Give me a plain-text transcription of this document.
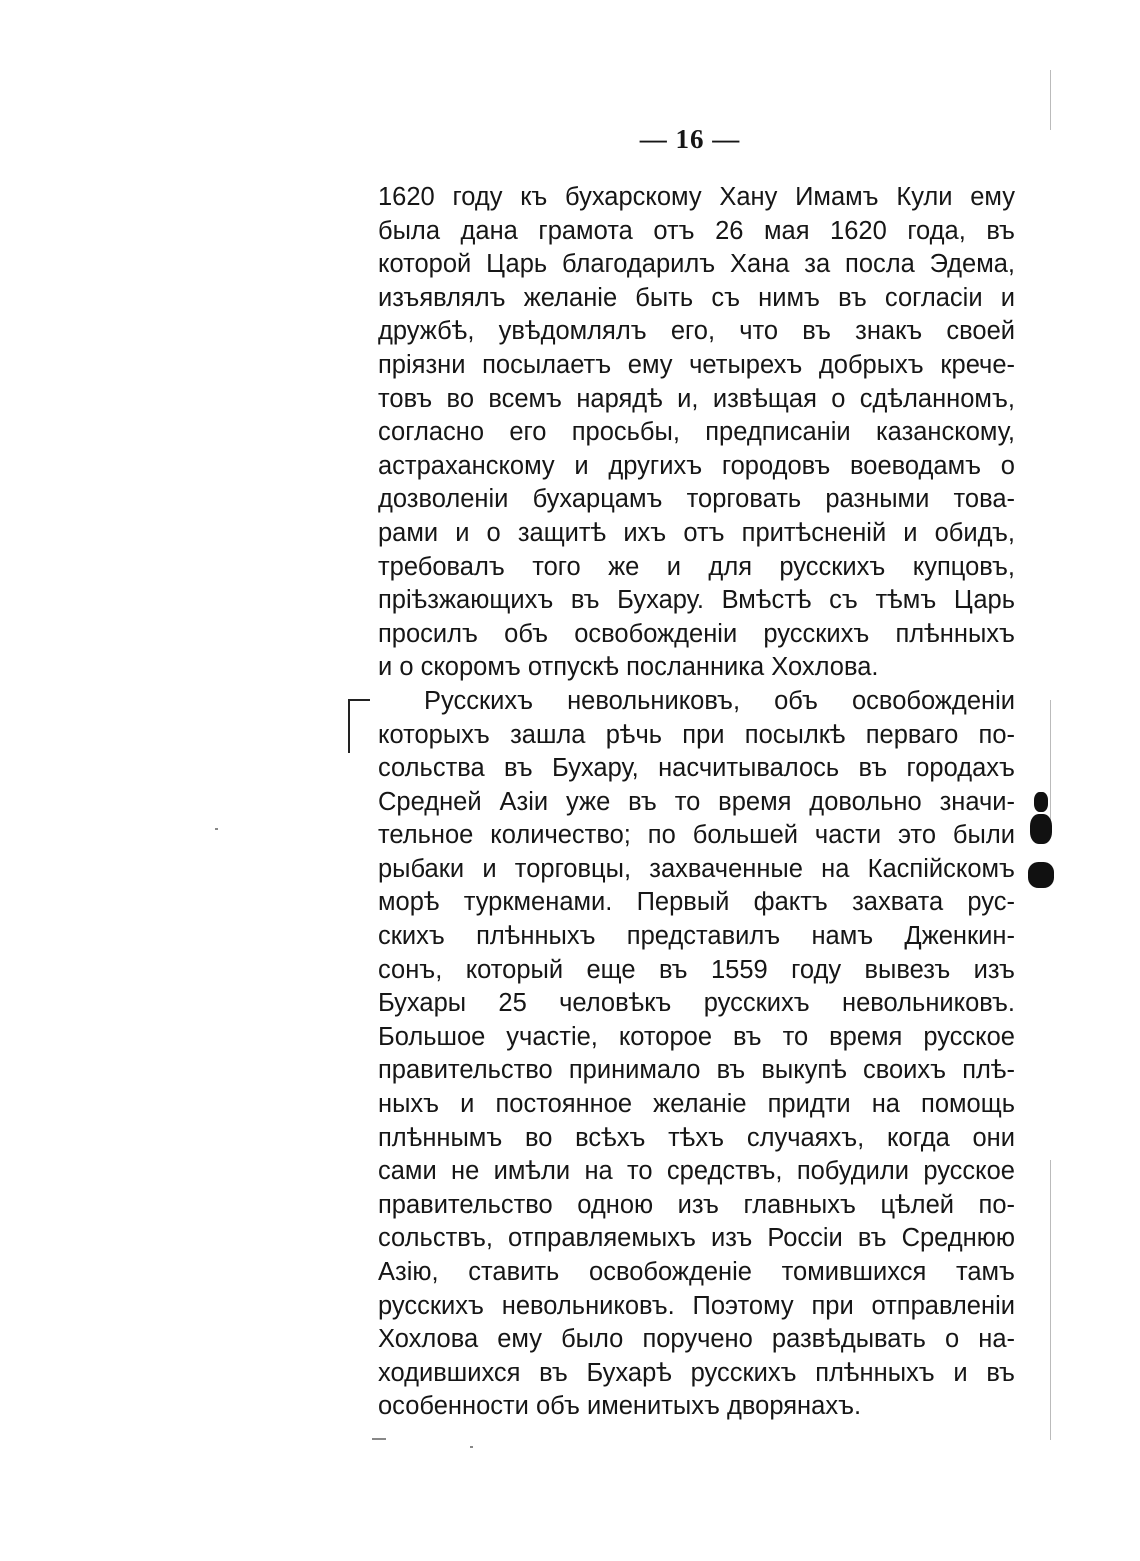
— 16 —
1620 году къ бухарскому Хану Имамъ Кули ему
была дана грамота отъ 26 мая 1620 года, въ
которой Царь благодарилъ Хана за посла Эдема,
изъявлялъ желанiе быть съ нимъ въ согласiи и
дружбѣ, увѣдомлялъ его, что въ знакъ своей
прiязни посылаетъ ему четырехъ добрыхъ крече-
товъ во всемъ нарядѣ и, извѣщая о сдѣланномъ,
согласно его просьбы, предписанiи казанскому,
астраханскому и другихъ городовъ воеводамъ о
дозволенiи бухарцамъ торговать разными това-
рами и о защитѣ ихъ отъ притѣсненiй и обидъ,
требовалъ того же и для русскихъ купцовъ,
прiѣзжающихъ въ Бухару. Вмѣстѣ съ тѣмъ Царь
просилъ объ освобожденiи русскихъ плѣнныхъ
и о скоромъ отпускѣ посланника Хохлова.
Русскихъ невольниковъ, объ освобожденiи
которыхъ зашла рѣчь при посылкѣ перваго по-
сольства въ Бухару, насчитывалось въ городахъ
Средней Азiи уже въ то время довольно значи-
тельное количество; по большей части это были
рыбаки и торговцы, захваченные на Каспiйскомъ
морѣ туркменами. Первый фактъ захвата рус-
скихъ плѣнныхъ представилъ намъ Дженкин-
сонъ, который еще въ 1559 году вывезъ изъ
Бухары 25 человѣкъ русскихъ невольниковъ.
Большое участiе, которое въ то время русское
правительство принимало въ выкупѣ своихъ плѣ-
ныхъ и постоянное желанiе придти на помощь
плѣннымъ во всѣхъ тѣхъ случаяхъ, когда они
сами не имѣли на то средствъ, побудили русское
правительство одною изъ главныхъ цѣлей по-
сольствъ, отправляемыхъ изъ Россiи въ Среднюю
Азiю, ставить освобожденiе томившихся тамъ
русскихъ невольниковъ. Поэтому при отправленiи
Хохлова ему было поручено развѣдывать о на-
ходившихся въ Бухарѣ русскихъ плѣнныхъ и въ
особенности объ именитыхъ дворянахъ.
